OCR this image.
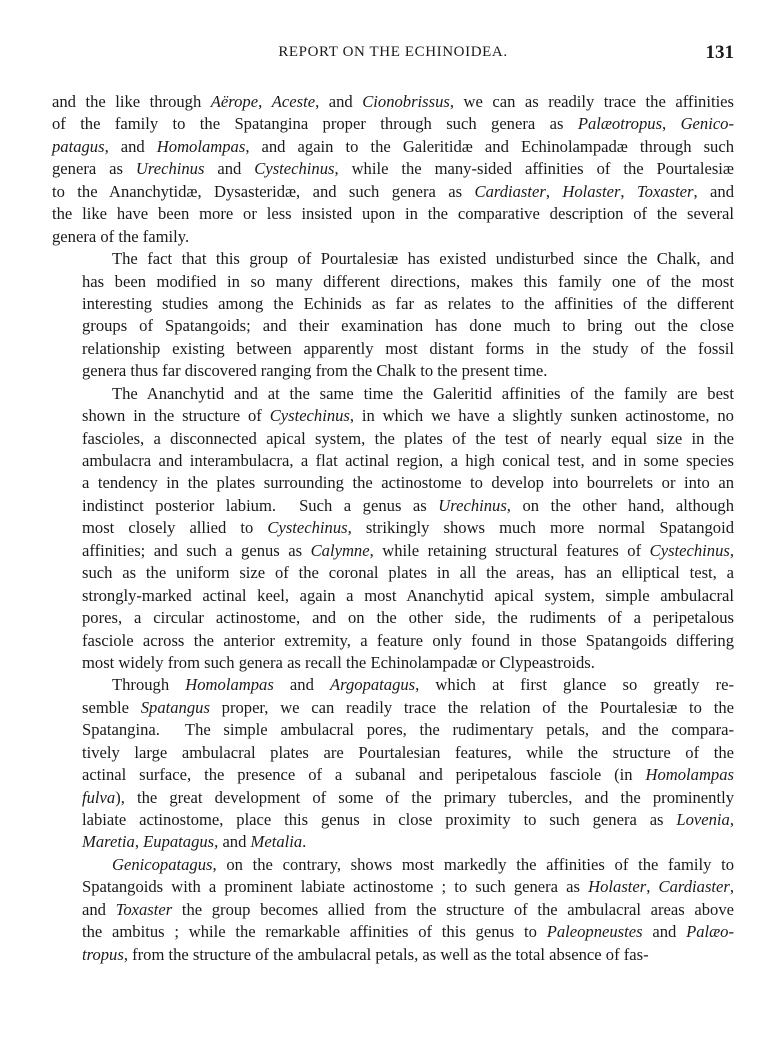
REPORT ON THE ECHINOIDEA.	131
and the like through Aërope, Aceste, and Cionobrissus, we can as readily trace the affinities
of the family to the Spatangina proper through such genera as Palæotropus, Genico-
patagus, and Homolampas, and again to the Galeritidæ and Echinolampadæ through such
genera as Urechinus and Cystechinus, while the many-sided affinities of the Pourtalesiæ
to the Ananchytidæ, Dysasteridæ, and such genera as Cardiaster, Holaster, Toxaster, and
the like have been more or less insisted upon in the comparative description of the several
genera of the family.
The fact that this group of Pourtalesiæ has existed undisturbed since the Chalk, and
has been modified in so many different directions, makes this family one of the most
interesting studies among the Echinids as far as relates to the affinities of the different
groups of Spatangoids; and their examination has done much to bring out the close
relationship existing between apparently most distant forms in the study of the fossil
genera thus far discovered ranging from the Chalk to the present time.
The Ananchytid and at the same time the Galeritid affinities of the family are best
shown in the structure of Cystechinus, in which we have a slightly sunken actinostome, no
fascioles, a disconnected apical system, the plates of the test of nearly equal size in the
ambulacra and interambulacra, a flat actinal region, a high conical test, and in some species
a tendency in the plates surrounding the actinostome to develop into bourrelets or into an
indistinct posterior labium.  Such a genus as Urechinus, on the other hand, although
most closely allied to Cystechinus, strikingly shows much more normal Spatangoid
affinities; and such a genus as Calymne, while retaining structural features of Cystechinus,
such as the uniform size of the coronal plates in all the areas, has an elliptical test, a
strongly-marked actinal keel, again a most Ananchytid apical system, simple ambulacral
pores, a circular actinostome, and on the other side, the rudiments of a peripetalous
fasciole across the anterior extremity, a feature only found in those Spatangoids differing
most widely from such genera as recall the Echinolampadæ or Clypeastroids.
Through Homolampas and Argopatagus, which at first glance so greatly re-
semble Spatangus proper, we can readily trace the relation of the Pourtalesiæ to the
Spatangina.  The simple ambulacral pores, the rudimentary petals, and the compara-
tively large ambulacral plates are Pourtalesian features, while the structure of the
actinal surface, the presence of a subanal and peripetalous fasciole (in Homolampas
fulva), the great development of some of the primary tubercles, and the prominently
labiate actinostome, place this genus in close proximity to such genera as Lovenia,
Maretia, Eupatagus, and Metalia.
Genicopatagus, on the contrary, shows most markedly the affinities of the family to
Spatangoids with a prominent labiate actinostome ; to such genera as Holaster, Cardiaster,
and Toxaster the group becomes allied from the structure of the ambulacral areas above
the ambitus ; while the remarkable affinities of this genus to Paleopneustes and Palæo-
tropus, from the structure of the ambulacral petals, as well as the total absence of fas-
